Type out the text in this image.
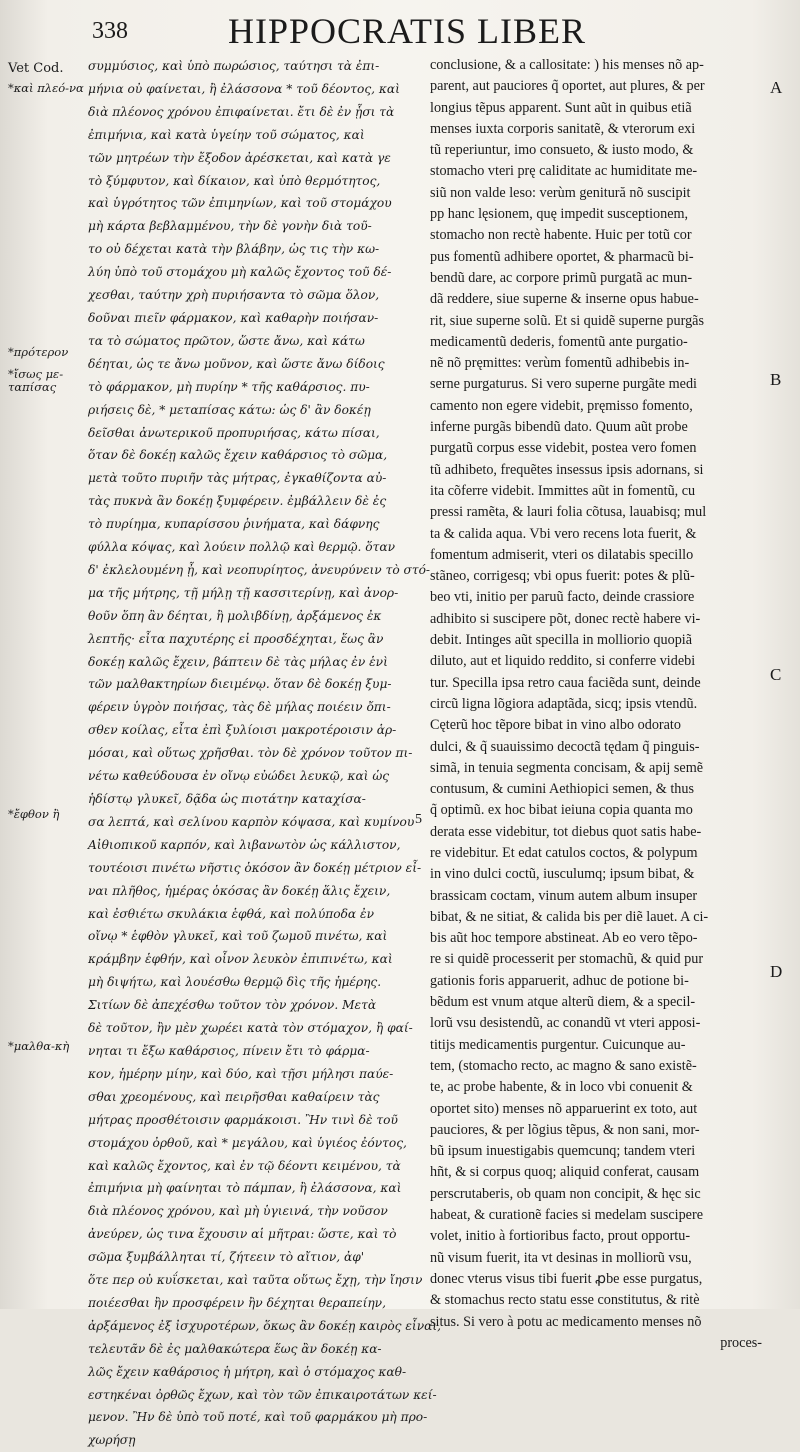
338	HIPPOCRATIS LIBER
Vet Cod.
*καὶ πλεό-να
*πρότερον
*ἴσως με-ταπίσας
*ἔφθον ἢ
*μαλθα-κὴ
συμμύσιος, καὶ ὑπὸ πωρώσιος, ταύτησι τὰ ἐπι-
μήνια οὐ φαίνεται, ἢ ἐλάσσονα * τοῦ δέοντος, καὶ
διὰ πλέονος χρόνου ἐπιφαίνεται. ἔτι δὲ ἐν ᾗσι τὰ
ἐπιμήνια, καὶ κατὰ ὑγείην τοῦ σώματος, καὶ
τῶν μητρέων τὴν ἔξοδον ἀρέσκεται, καὶ κατὰ γε
τὸ ξύμφυτον, καὶ δίκαιον, καὶ ὑπὸ θερμότητος,
καὶ ὑγρότητος τῶν ἐπιμηνίων, καὶ τοῦ στομάχου
μὴ κάρτα βεβλαμμένου, τὴν δὲ γονὴν διὰ τοῦ-
το οὐ δέχεται κατὰ τὴν βλάβην, ὡς τις τὴν κω-
λύη ὑπὸ τοῦ στομάχου μὴ καλῶς ἔχοντος τοῦ δέ-
χεσθαι, ταύτην χρὴ πυριήσαντα τὸ σῶμα ὅλον,
δοῦναι πιεῖν φάρμακον, καὶ καθαρὴν ποιήσαν-
τα τὸ σώματος πρῶτον, ὥστε ἄνω, καὶ κάτω
δέηται, ὡς τε ἄνω μοῦνον, καὶ ὥστε ἄνω δίδοις
τὸ φάρμακον, μὴ πυρίην * τῆς καθάρσιος. πυ-
ριήσεις δὲ, * μεταπίσας κάτω: ὡς δ' ἂν δοκέῃ
δεῖσθαι ἀνωτερικοῦ προπυριήσας, κάτω πίσαι,
ὅταν δὲ δοκέῃ καλῶς ἔχειν καθάρσιος τὸ σῶμα,
μετὰ τοῦτο πυριῆν τὰς μήτρας, ἐγκαθίζοντα αὐ-
τὰς πυκνὰ ἂν δοκέῃ ξυμφέρειν. ἐμβάλλειν δὲ ἐς
τὸ πυρίημα, κυπαρίσσου ῥινήματα, καὶ δάφνης
φύλλα κόψας, καὶ λούειν πολλῷ καὶ θερμῷ. ὅταν
δ' ἐκλελουμένη ᾖ, καὶ νεοπυρίητος, ἀνευρύνειν τὸ στό-
μα τῆς μήτρης, τῇ μήλῃ τῇ κασσιτερίνῃ, καὶ ἀνορ-
θοῦν ὅπη ἂν δέηται, ἢ μολιβδίνῃ, ἀρξάμενος ἐκ
λεπτῆς· εἶτα παχυτέρης εἰ προσδέχηται, ἕως ἂν
δοκέῃ καλῶς ἔχειν, βάπτειν δὲ τὰς μήλας ἐν ἑνὶ
τῶν μαλθακτηρίων διειμένῳ. ὅταν δὲ δοκέῃ ξυμ-
φέρειν ὑγρὸν ποιήσας, τὰς δὲ μήλας ποιέειν ὄπι-
σθεν κοίλας, εἶτα ἐπὶ ξυλίοισι μακροτέροισιν ἁρ-
μόσαι, καὶ οὕτως χρῆσθαι. τὸν δὲ χρόνον τοῦτον πι-
νέτω καθεύδουσα ἐν οἴνῳ εὐώδει λευκῷ, καὶ ὡς
ἡδίστῳ γλυκεῖ, δᾷδα ὡς πιοτάτην καταχίσα-
σα λεπτά, καὶ σελίνου καρπὸν κόψασα, καὶ κυμίνου
Αἰθιοπικοῦ καρπόν, καὶ λιβανωτὸν ὡς κάλλιστον,
τουτέοισι πινέτω νῆστις ὁκόσον ἂν δοκέῃ μέτριον εἶ-
ναι πλῆθος, ἡμέρας ὁκόσας ἂν δοκέῃ ἅλις ἔχειν,
καὶ ἐσθιέτω σκυλάκια ἑφθά, καὶ πολύποδα ἐν
οἴνῳ * ἑφθὸν γλυκεῖ, καὶ τοῦ ζωμοῦ πινέτω, καὶ
κράμβην ἑφθήν, καὶ οἶνον λευκὸν ἐπιπινέτω, καὶ
μὴ διψήτω, καὶ λουέσθω θερμῷ δὶς τῆς ἡμέρης.
Σιτίων δὲ ἀπεχέσθω τοῦτον τὸν χρόνον. Μετὰ
δὲ τοῦτον, ἢν μὲν χωρέει κατὰ τὸν στόμαχον, ἢ φαί-
νηται τι ἔξω καθάρσιος, πίνειν ἔτι τὸ φάρμα-
κον, ἡμέρην μίην, καὶ δύο, καὶ τῇσι μήλησι παύε-
σθαι χρεομένους, καὶ πειρῆσθαι καθαίρειν τὰς
μήτρας προσθέτοισιν φαρμάκοισι. Ἢν τινὶ δὲ τοῦ
στομάχου ὀρθοῦ, καὶ * μεγάλου, καὶ ὑγιέος ἐόντος,
καὶ καλῶς ἔχοντος, καὶ ἐν τῷ δέοντι κειμένου, τὰ
ἐπιμήνια μὴ φαίνηται τὸ πάμπαν, ἢ ἐλάσσονα, καὶ
διὰ πλέονος χρόνου, καὶ μὴ ὑγιεινά, τὴν νοῦσον
ἀνεύρεν, ὡς τινα ἔχουσιν αἱ μῆτραι: ὥστε, καὶ τὸ
σῶμα ξυμβάλληται τί, ζήτεειν τὸ αἴτιον, ἀφ'
ὅτε περ οὐ κυΐσκεται, καὶ ταῦτα οὕτως ἔχῃ, τὴν ἴησιν
ποιέεσθαι ἢν προσφέρειν ἢν δέχηται θεραπείην,
ἀρξάμενος ἐξ ἰσχυροτέρων, ὅκως ἂν δοκέῃ καιρὸς εἶναι,
τελευτᾶν δὲ ἐς μαλθακώτερα ἕως ἂν δοκέῃ κα-
λῶς ἔχειν καθάρσιος ἡ μήτρη, καὶ ὁ στόμαχος καθ-
εστηκέναι ὀρθῶς ἔχων, καὶ τὸν τῶν ἐπικαιροτάτων κεί-
μενον. Ἢν δὲ ὑπὸ τοῦ ποτέ, καὶ τοῦ φαρμάκου μὴ προ-
χωρήσῃ
5
conclusione, & a callositate: ) his menses nõ ap-
parent, aut pauciores q̃ oportet, aut plures, & per
longius tẽpus apparent. Sunt aũt in quibus etiã
menses iuxta corporis sanitatẽ, & vterorum exi
tũ reperiuntur, imo consueto, & iusto modo, &
stomacho vteri prę caliditate ac humiditate me-
siũ non valde leso: verùm genitură nõ suscipit
pp hanc lęsionem, quę impedit susceptionem,
stomacho non rectè habente. Huic per totũ cor
pus fomentũ adhibere oportet, & pharmacũ bi-
bendũ dare, ac corpore primũ purgatã ac mun-
dã reddere, siue superne & inserne opus habue-
rit, siue superne solũ. Et si quidẽ superne purgãs
medicamentũ dederis, fomentũ ante purgatio-
nẽ nõ pręmittes: verùm fomentũ adhibebis in-
serne purgaturus. Si vero superne purgãte medi
camento non egere videbit, pręmisso fomento,
inferne purgãs bibendũ dato. Quum aũt probe
purgatũ corpus esse videbit, postea vero fomen
tũ adhibeto, frequẽtes insessus ipsis adornans, si
ita cõferre videbit. Immittes aũt in fomentũ, cu
pressi ramẽta, & lauri folia cõtusa, lauabisq; mul
ta & calida aqua. Vbi vero recens lota fuerit, &
fomentum admiserit, vteri os dilatabis specillo
stãneo, corrigesq; vbi opus fuerit: potes & plũ-
beo vti, initio per paruũ facto, deinde crassiore
adhibito si suscipere põt, donec rectè habere vi-
debit. Intinges aũt specilla in molliorio quopiã
diluto, aut et liquido reddito, si conferre videbi
tur. Specilla ipsa retro caua faciẽda sunt, deinde
circũ ligna lõgiora adaptãda, sicq; ipsis vtendũ.
Cęterũ hoc tẽpore bibat in vino albo odorato
dulci, & q̃ suauissimo decoctã tędam q̃ pinguis-
simã, in tenuia segmenta concisam, & apij semẽ
contusum, & cumini Aethiopici semen, & thus
q̃ optimũ. ex hoc bibat ieiuna copia quanta mo
derata esse videbitur, tot diebus quot satis habe-
re videbitur. Et edat catulos coctos, & polypum
in vino dulci coctũ, iusculumq; ipsum bibat, &
brassicam coctam, vinum autem album insuper
bibat, & ne sitiat, & calida bis per diẽ lauet. A ci-
bis aũt hoc tempore abstineat. Ab eo vero tẽpo-
re si quidẽ processerit per stomachũ, & quid pur
gationis foris apparuerit, adhuc de potione bi-
bẽdum est vnum atque alterũ diem, & a specil-
lorũ vsu desistendũ, ac conandũ vt vteri apposi-
titijs medicamentis purgentur. Cuicunque au-
tem, (stomacho recto, ac magno & sano existẽ-
te, ac probe habente, & in loco vbi conuenit &
oportet sito) menses nõ apparuerint ex toto, aut
pauciores, & per lõgius tẽpus, & non sani, mor-
bũ ipsum inuestigabis quemcunq; tandem vteri
hñt, & si corpus quoq; aliquid conferat, causam
perscrutaberis, ob quam non concipit, & hęc sic
habeat, & curationẽ facies si medelam suscipere
volet, initio à fortioribus facto, prout opportu-
nũ visum fuerit, ita vt desinas in molliorũ vsu,
donec vterus visus tibi fuerit ꝓbe esse purgatus,
& stomachus recto statu esse constitutus, & ritè
situs. Si vero à potu ac medicamento menses nõ
proces-
A
B
C
D
